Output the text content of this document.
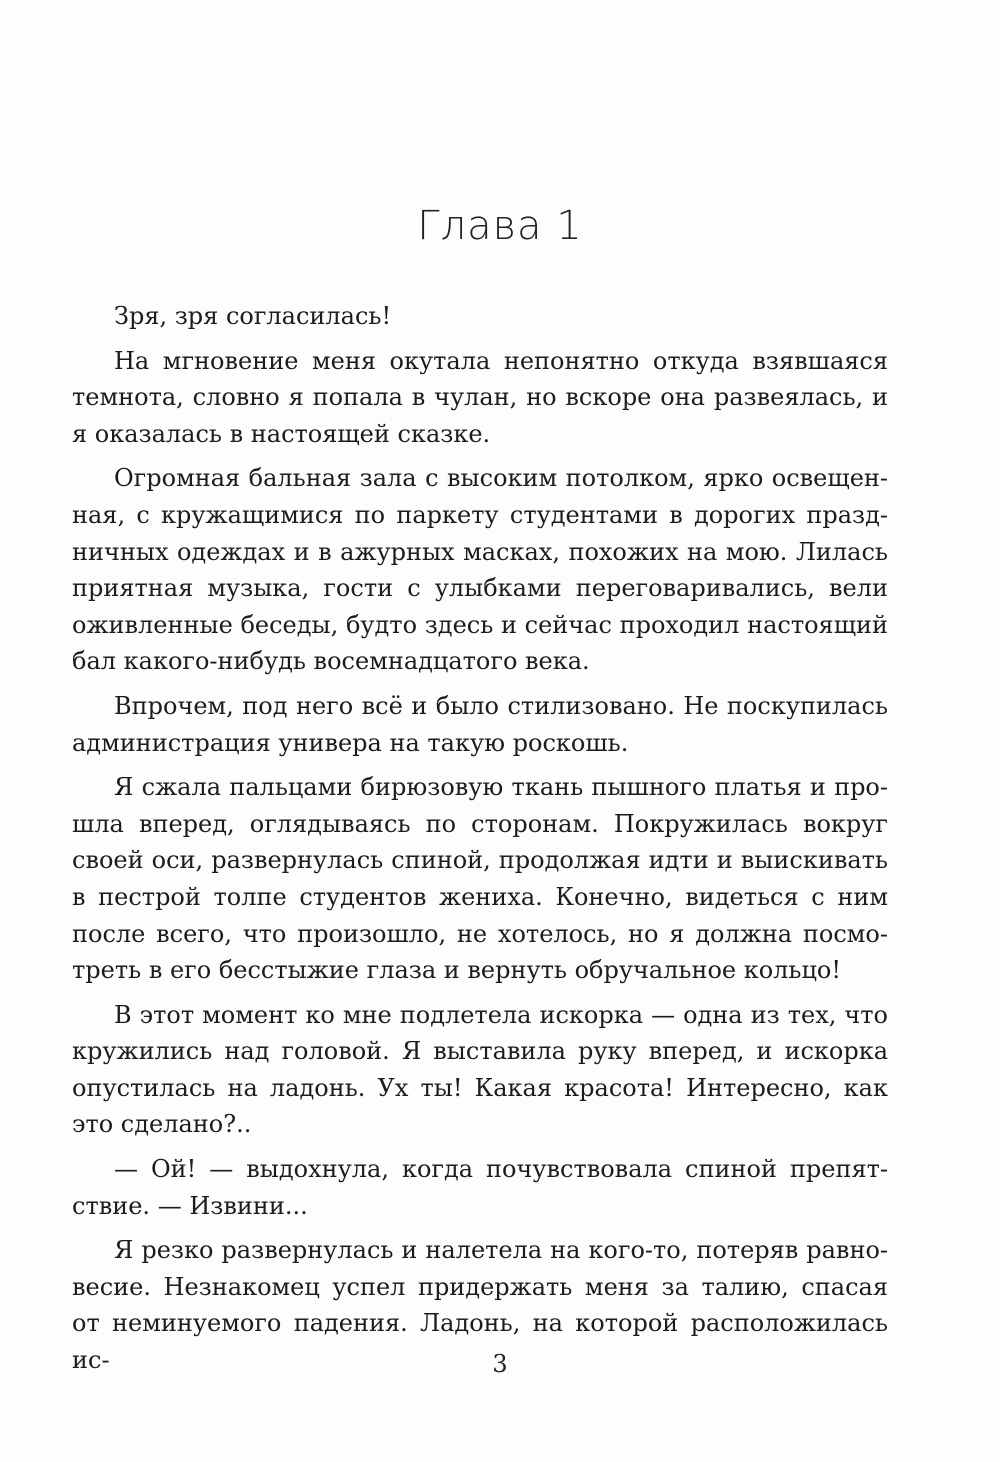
Глава 1

Зря, зря согласилась!

На мгновение меня окутала непонятно откуда взявшаяся темнота, словно я попала в чулан, но вскоре она развеялась, и я оказалась в настоящей сказке.

Огромная бальная зала с высоким потолком, ярко освещенная, с кружащимися по паркету студентами в дорогих праздничных одеждах и в ажурных масках, похожих на мою. Лилась приятная музыка, гости с улыбками переговаривались, вели оживленные беседы, будто здесь и сейчас проходил настоящий бал какого-нибудь восемнадцатого века.

Впрочем, под него всё и было стилизовано. Не поскупилась администрация универа на такую роскошь.

Я сжала пальцами бирюзовую ткань пышного платья и прошла вперед, оглядываясь по сторонам. Покружилась вокруг своей оси, развернулась спиной, продолжая идти и выискивать в пестрой толпе студентов жениха. Конечно, видеться с ним после всего, что произошло, не хотелось, но я должна посмотреть в его бесстыжие глаза и вернуть обручальное кольцо!

В этот момент ко мне подлетела искорка — одна из тех, что кружились над головой. Я выставила руку вперед, и искорка опустилась на ладонь. Ух ты! Какая красота! Интересно, как это сделано?..

— Ой! — выдохнула, когда почувствовала спиной препятствие. — Извини...

Я резко развернулась и налетела на кого-то, потеряв равновесие. Незнакомец успел придержать меня за талию, спасая от неминуемого падения. Ладонь, на которой расположилась ис-	3
